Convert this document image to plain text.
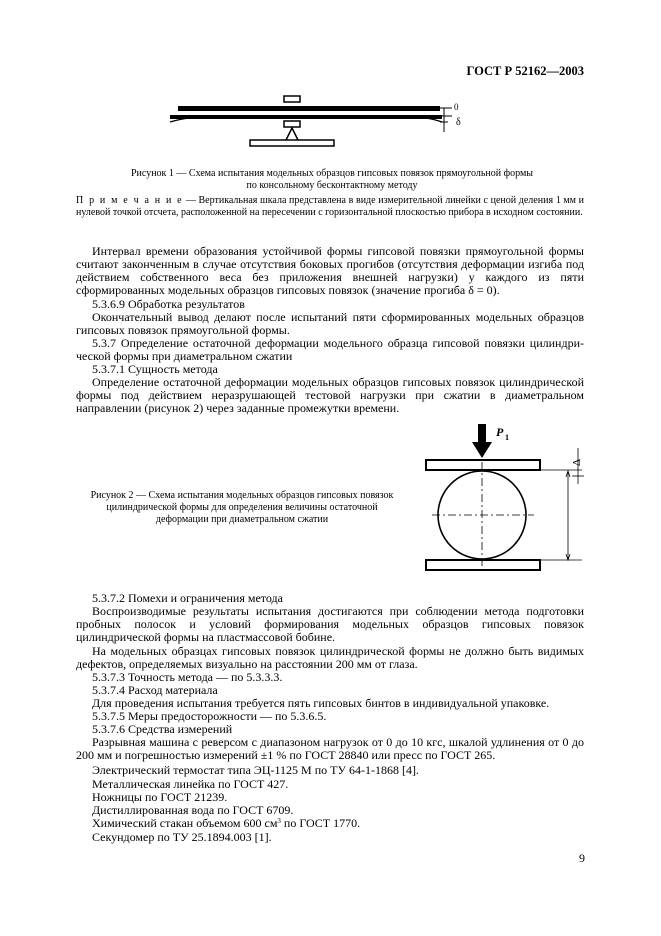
ГОСТ Р 52162—2003
0
δ
Рисунок 1 — Схема испытания модельных образцов гипсовых повязок прямоугольной формы
по консольному бесконтактному методу
П р и м е ч а н и е — Вертикальная шкала представлена в виде измерительной линейки с ценой деления 1 мм и нулевой точкой отсчета, расположенной на пересечении с горизонтальной плоскостью прибора в исходном состоянии.
Интервал времени образования устойчивой формы гипсовой повязки прямоугольной формы считают законченным в случае отсутствия боковых прогибов (отсутствия деформации изгиба под действием собственного веса без приложения внешней нагрузки) у каждого из пяти сформированных модельных образцов гипсовых повязок (значение прогиба δ = 0).
5.3.6.9 Обработка результатов
Окончательный вывод делают после испытаний пяти сформированных модельных образцов гипсовых повязок прямоугольной формы.
5.3.7 Определение остаточной деформации модельного образца гипсовой повязки цилиндри-ческой формы при диаметральном сжатии
5.3.7.1 Сущность метода
Определение остаточной деформации модельных образцов гипсовых повязок цилиндрической формы под действием неразрушающей тестовой нагрузки при сжатии в диаметральном направлении (рисунок 2) через заданные промежутки времени.
Рисунок 2 — Схема испытания модельных образцов гипсовых повязок
цилиндрической формы для определения величины остаточной
деформации при диаметральном сжатии
P 1
Δ
5.3.7.2 Помехи и ограничения метода
Воспроизводимые результаты испытания достигаются при соблюдении метода подготовки пробных полосок и условий формирования модельных образцов гипсовых повязок цилиндрической формы на пластмассовой бобине.
На модельных образцах гипсовых повязок цилиндрической формы не должно быть видимых дефектов, определяемых визуально на расстоянии 200 мм от глаза.
5.3.7.3 Точность метода — по 5.3.3.3.
5.3.7.4 Расход материала
Для проведения испытания требуется пять гипсовых бинтов в индивидуальной упаковке.
5.3.7.5 Меры предосторожности — по 5.3.6.5.
5.3.7.6 Средства измерений
Разрывная машина с реверсом с диапазоном нагрузок от 0 до 10 кгс, шкалой удлинения от 0 до 200 мм и погрешностью измерений ±1 % по ГОСТ 28840 или пресс по ГОСТ 265.
Электрический термостат типа ЭЦ-1125 М по ТУ 64-1-1868 [4].
Металлическая линейка по ГОСТ 427.
Ножницы по ГОСТ 21239.
Дистиллированная вода по ГОСТ 6709.
Химический стакан объемом 600 $см^3$ по ГОСТ 1770.
Секундомер по ТУ 25.1894.003 [1].
9
